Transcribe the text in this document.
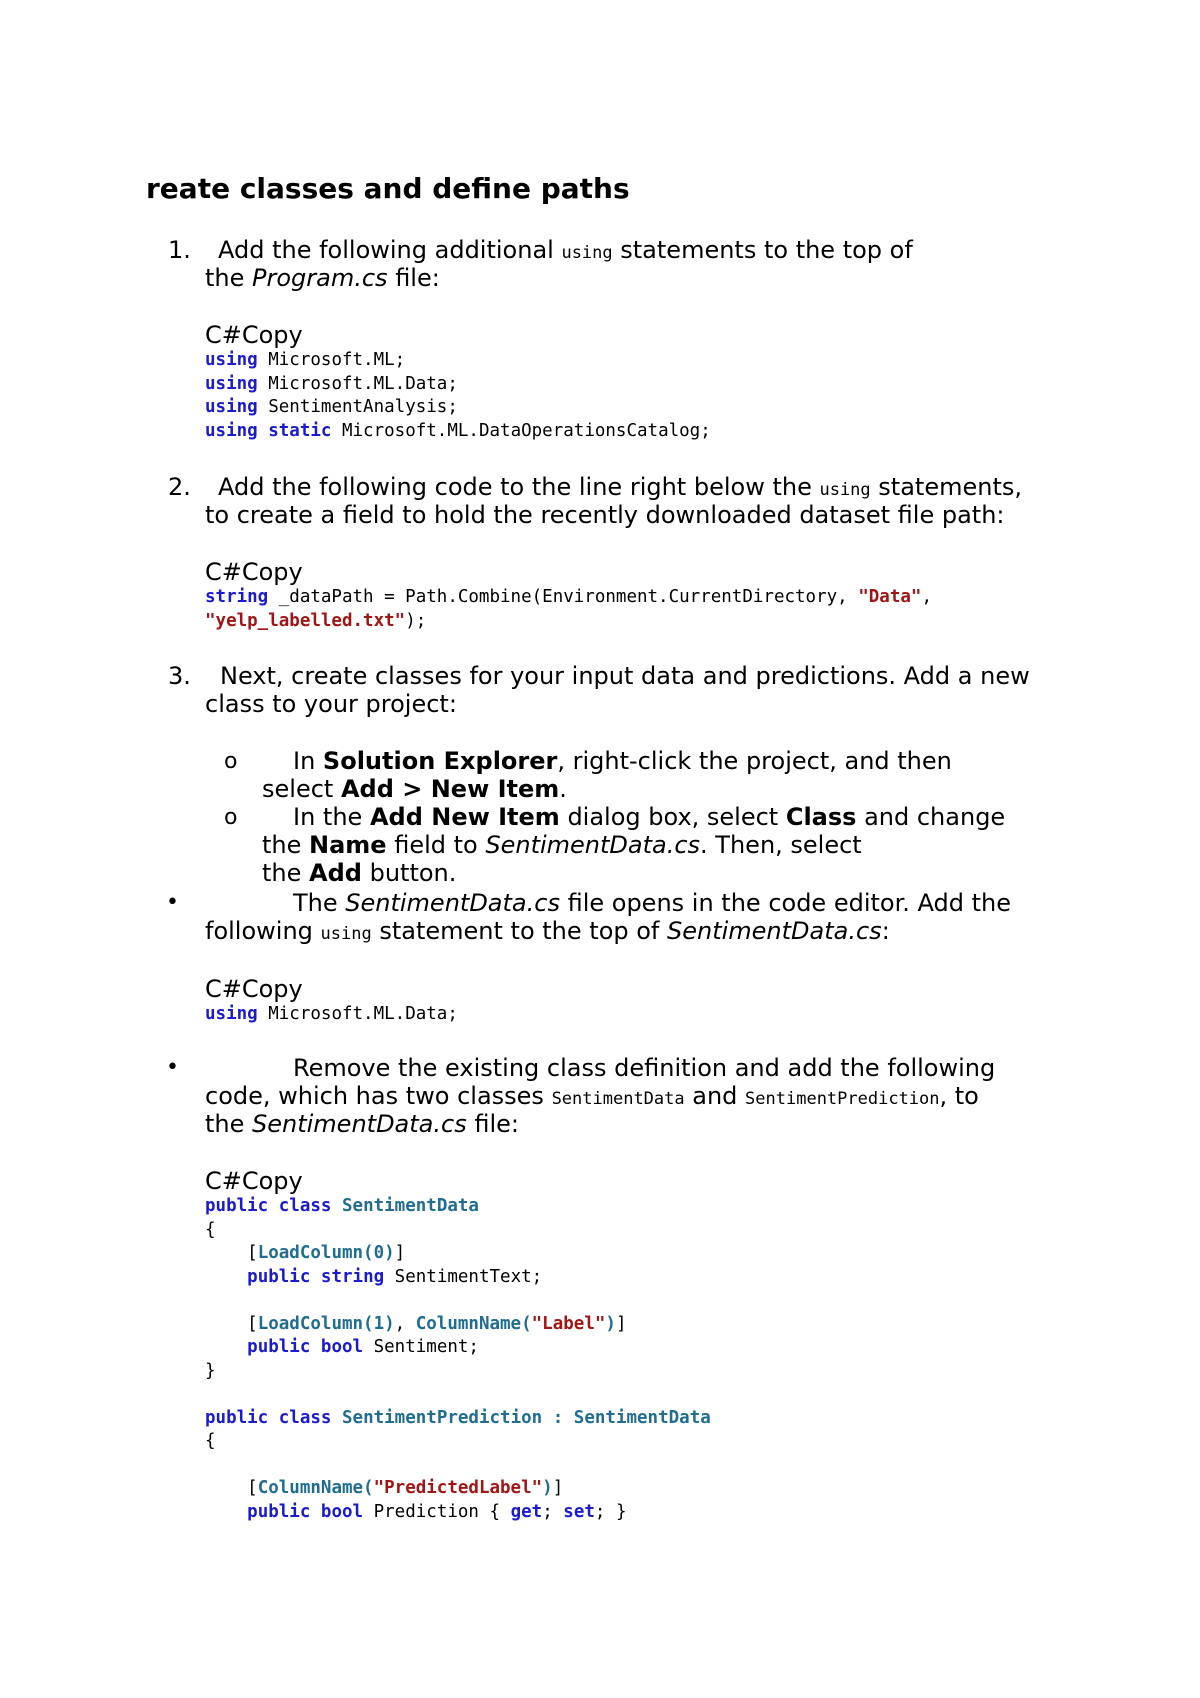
reate classes and define paths
1. Add the following additional using statements to the top of
the Program.cs file:
C#Copy
using Microsoft.ML;
using Microsoft.ML.Data;
using SentimentAnalysis;
using static Microsoft.ML.DataOperationsCatalog;
2. Add the following code to the line right below the using statements,
to create a field to hold the recently downloaded dataset file path:
C#Copy
string _dataPath = Path.Combine(Environment.CurrentDirectory, "Data",
"yelp_labelled.txt");
3. Next, create classes for your input data and predictions. Add a new
class to your project:
o In Solution Explorer, right-click the project, and then
select Add > New Item.
o In the Add New Item dialog box, select Class and change
the Name field to SentimentData.cs. Then, select
the Add button.
•	The SentimentData.cs file opens in the code editor. Add the
following using statement to the top of SentimentData.cs:
C#Copy
using Microsoft.ML.Data;
•	Remove the existing class definition and add the following
code, which has two classes SentimentData and SentimentPrediction, to
the SentimentData.cs file:
C#Copy
public class SentimentData
{
[LoadColumn(0)]
public string SentimentText;

[LoadColumn(1), ColumnName("Label")]
public bool Sentiment;
}

public class SentimentPrediction : SentimentData
{

[ColumnName("PredictedLabel")]
public bool Prediction { get; set; }
